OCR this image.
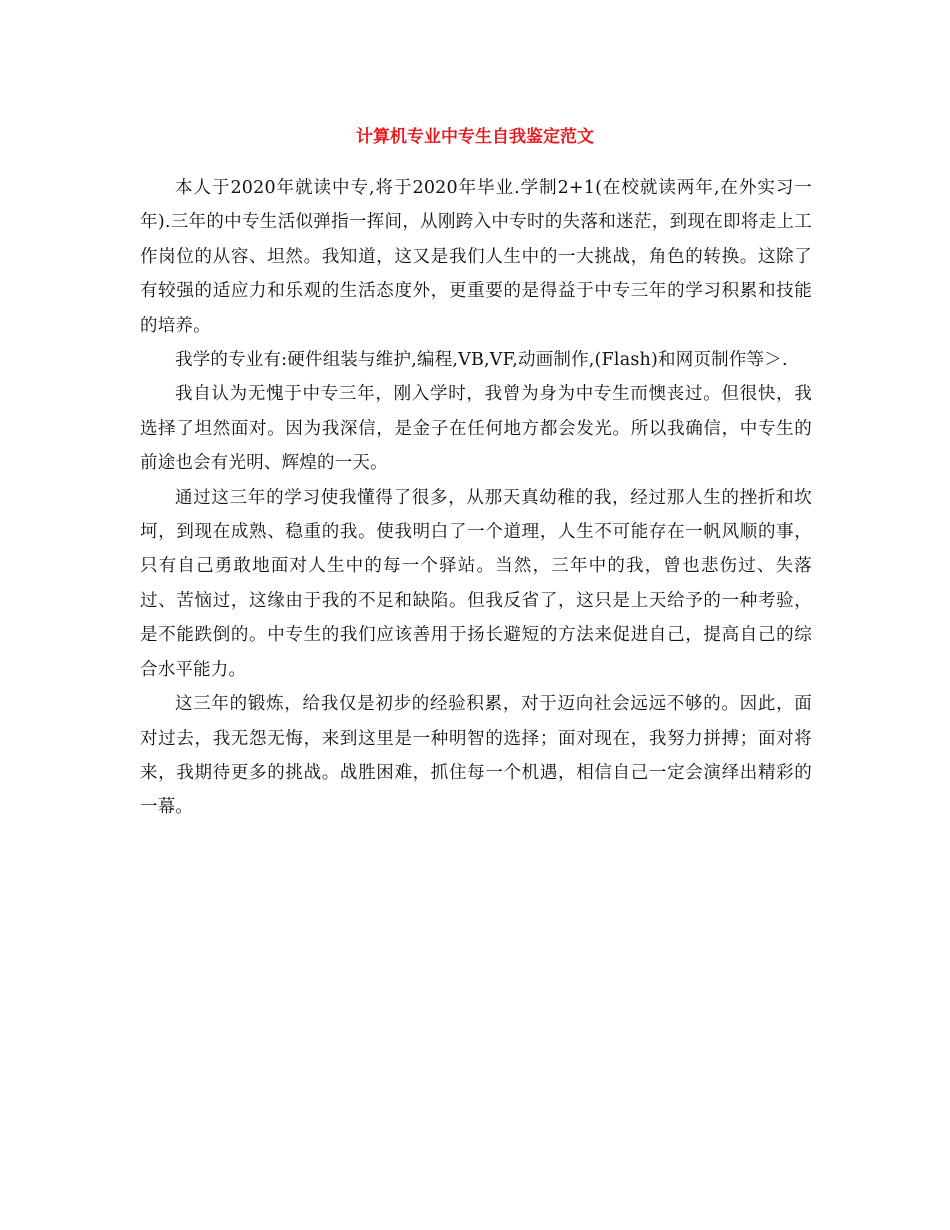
计算机专业中专生自我鉴定范文

本人于2020年就读中专,将于2020年毕业.学制2+1(在校就读两年,在外实习一年).三年的中专生活似弹指一挥间，从刚跨入中专时的失落和迷茫，到现在即将走上工作岗位的从容、坦然。我知道，这又是我们人生中的一大挑战，角色的转换。这除了有较强的适应力和乐观的生活态度外，更重要的是得益于中专三年的学习积累和技能的培养。

我学的专业有:硬件组装与维护,编程,VB,VF,动画制作,(Flash)和网页制作等＞.

我自认为无愧于中专三年，刚入学时，我曾为身为中专生而懊丧过。但很快，我选择了坦然面对。因为我深信，是金子在任何地方都会发光。所以我确信，中专生的前途也会有光明、辉煌的一天。

通过这三年的学习使我懂得了很多，从那天真幼稚的我，经过那人生的挫折和坎坷，到现在成熟、稳重的我。使我明白了一个道理，人生不可能存在一帆风顺的事，只有自己勇敢地面对人生中的每一个驿站。当然，三年中的我，曾也悲伤过、失落过、苦恼过，这缘由于我的不足和缺陷。但我反省了，这只是上天给予的一种考验，是不能跌倒的。中专生的我们应该善用于扬长避短的方法来促进自己，提高自己的综合水平能力。

这三年的锻炼，给我仅是初步的经验积累，对于迈向社会远远不够的。因此，面对过去，我无怨无悔，来到这里是一种明智的选择；面对现在，我努力拼搏；面对将来，我期待更多的挑战。战胜困难，抓住每一个机遇，相信自己一定会演绎出精彩的一幕。
